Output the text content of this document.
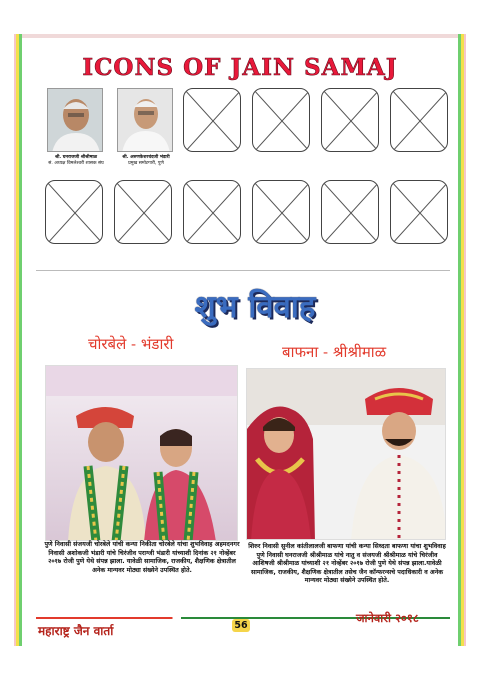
ICONS OF JAIN SAMAJ
श्री. घनराजजी श्रीश्रीमाळ
सं. अध्यक्ष विमलेश्वरी शासक संघ
श्री. अरुणकेशरचंदजी भंडारी
प्रमुख समोटगारी, पुणे
शुभ विवाह
चोरबेले - भंडारी	बाफना - श्रीश्रीमाळ
पुणे निवासी संजयजी चोरबेले यांची कन्या निकीता चोरबेले यांचा शुभविवाह अहमदनगर निवासी अशोकजी भंडारी यांचे चिरंजीव पराग्जी भंडारी यांच्याशी दिनांक २१ नोव्हेंबर २०१७ रोजी पुणे येथे संपन्न झाला. यावेळी सामाजिक, राजकीय, शैक्षणिक क्षेत्रातील अनेक मान्यवर मोठ्या संख्येने उपस्थित होते.
शिरुर निवासी सुनील कांतीलालजी बाफणा यांची कन्या सिध्दता बाफणा यांचा शुभविवाह पुणे निवासी घनराजजी श्रीश्रीमाळ यांचे नातु व संजयजी श्रीश्रीमाळ यांचे चिरंजीव आशिषजी श्रीश्रीमाळ यांच्याशी २१ नोव्हेंबर २०१७ रोजी पुणे येथे संपन्न झाला.यावेळी सामाजिक, राजकीय, शैक्षणिक क्षेत्रातील तसेच जैन कॉन्फरन्सचे पदाधिकारी व अनेक मान्यवर मोठ्या संख्येने उपस्थित होते.
महाराष्ट्र जैन वार्ता	56
जानेवारी २०१८
